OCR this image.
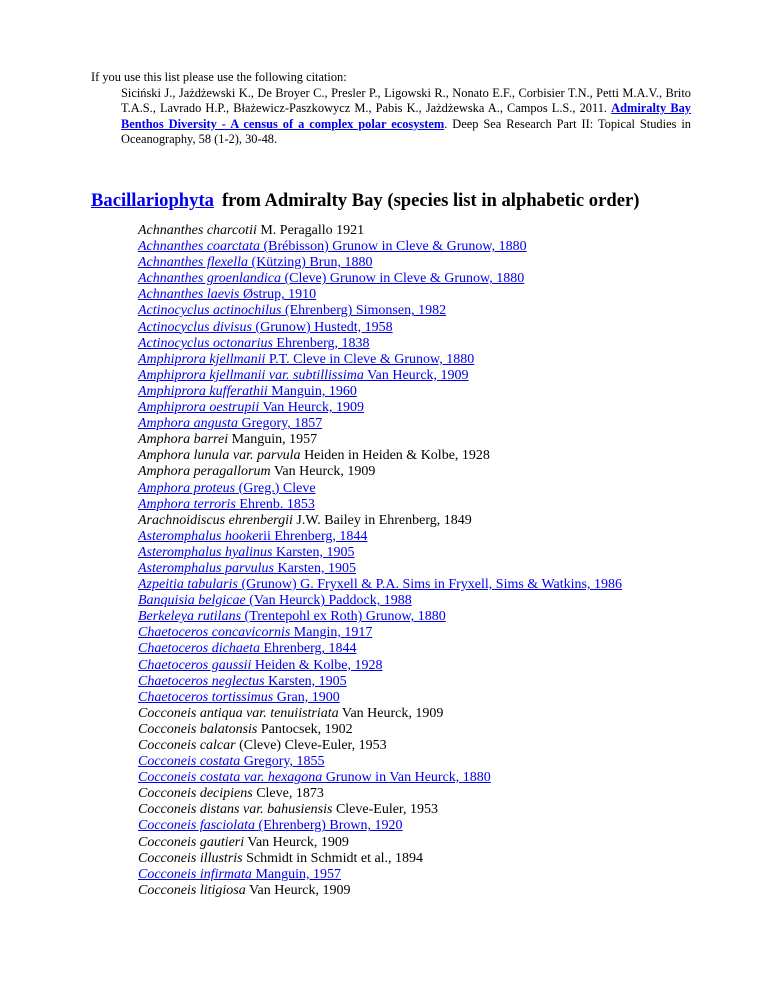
If you use this list please use the following citation:

Siciński J., Jażdżewski K., De Broyer C., Presler P., Ligowski R., Nonato E.F., Corbisier T.N., Petti M.A.V., Brito T.A.S., Lavrado H.P., Błażewicz-Paszkowycz M., Pabis K., Jażdżewska A., Campos L.S., 2011. Admiralty Bay Benthos Diversity - A census of a complex polar ecosystem. Deep Sea Research Part II: Topical Studies in Oceanography, 58 (1-2), 30-48.

Bacillariophyta from Admiralty Bay (species list in alphabetic order)
Achnanthes charcotii M. Peragallo 1921
Achnanthes coarctata (Brébisson) Grunow in Cleve & Grunow, 1880
Achnanthes flexella (Kützing) Brun, 1880
Achnanthes groenlandica (Cleve) Grunow in Cleve & Grunow, 1880
Achnanthes laevis Østrup, 1910
Actinocyclus actinochilus (Ehrenberg) Simonsen, 1982
Actinocyclus divisus (Grunow) Hustedt, 1958
Actinocyclus octonarius Ehrenberg, 1838
Amphiprora kjellmanii P.T. Cleve in Cleve & Grunow, 1880
Amphiprora kjellmanii var. subtillissima Van Heurck, 1909
Amphiprora kufferathii Manguin, 1960
Amphiprora oestrupii Van Heurck, 1909
Amphora angusta Gregory, 1857
Amphora barrei Manguin, 1957
Amphora lunula var. parvula Heiden in Heiden & Kolbe, 1928
Amphora peragallorum Van Heurck, 1909
Amphora proteus (Greg.) Cleve
Amphora terroris Ehrenb. 1853
Arachnoidiscus ehrenbergii J.W. Bailey in Ehrenberg, 1849
Asteromphalus hookerii Ehrenberg, 1844
Asteromphalus hyalinus Karsten, 1905
Asteromphalus parvulus Karsten, 1905
Azpeitia tabularis (Grunow) G. Fryxell & P.A. Sims in Fryxell, Sims & Watkins, 1986
Banquisia belgicae (Van Heurck) Paddock, 1988
Berkeleya rutilans (Trentepohl ex Roth) Grunow, 1880
Chaetoceros concavicornis Mangin, 1917
Chaetoceros dichaeta Ehrenberg, 1844
Chaetoceros gaussii Heiden & Kolbe, 1928
Chaetoceros neglectus Karsten, 1905
Chaetoceros tortissimus Gran, 1900
Cocconeis antiqua var. tenuiistriata Van Heurck, 1909
Cocconeis balatonsis Pantocsek, 1902
Cocconeis calcar (Cleve) Cleve-Euler, 1953
Cocconeis costata Gregory, 1855
Cocconeis costata var. hexagona Grunow in Van Heurck, 1880
Cocconeis decipiens Cleve, 1873
Cocconeis distans var. bahusiensis Cleve-Euler, 1953
Cocconeis fasciolata (Ehrenberg) Brown, 1920
Cocconeis gautieri Van Heurck, 1909
Cocconeis illustris Schmidt in Schmidt et al., 1894
Cocconeis infirmata Manguin, 1957
Cocconeis litigiosa Van Heurck, 1909
